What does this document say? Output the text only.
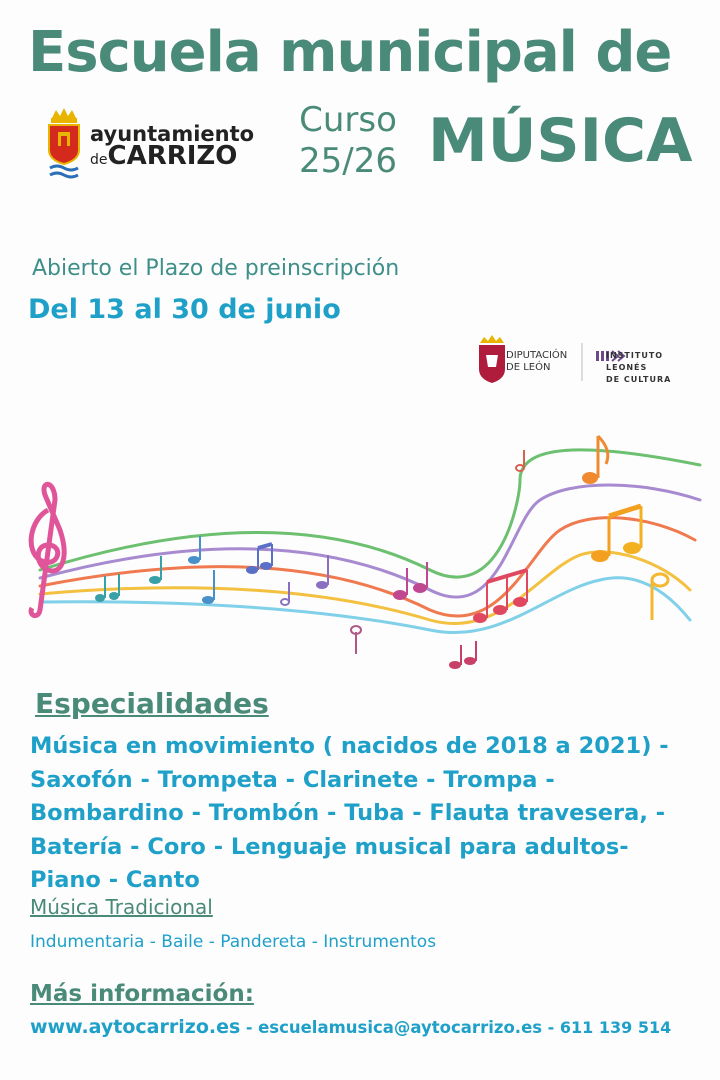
Escuela municipal de
ayuntamiento
deCARRIZO
Curso
25/26 MÚSICA
Abierto el Plazo de preinscripción
Del 13 al 30 de junio
DIPUTACIÓN
DE LEÓN
INSTITUTO
LEONÉS
DE CULTURA
Especialidades
Música en movimiento ( nacidos de 2018 a 2021) -
Saxofón - Trompeta - Clarinete - Trompa -
Bombardino - Trombón - Tuba - Flauta travesera, -
Batería - Coro - Lenguaje musical para adultos-
Piano - Canto
Música Tradicional
Indumentaria - Baile - Pandereta - Instrumentos
Más información:
www.aytocarrizo.es - escuelamusica@aytocarrizo.es - 611 139 514
